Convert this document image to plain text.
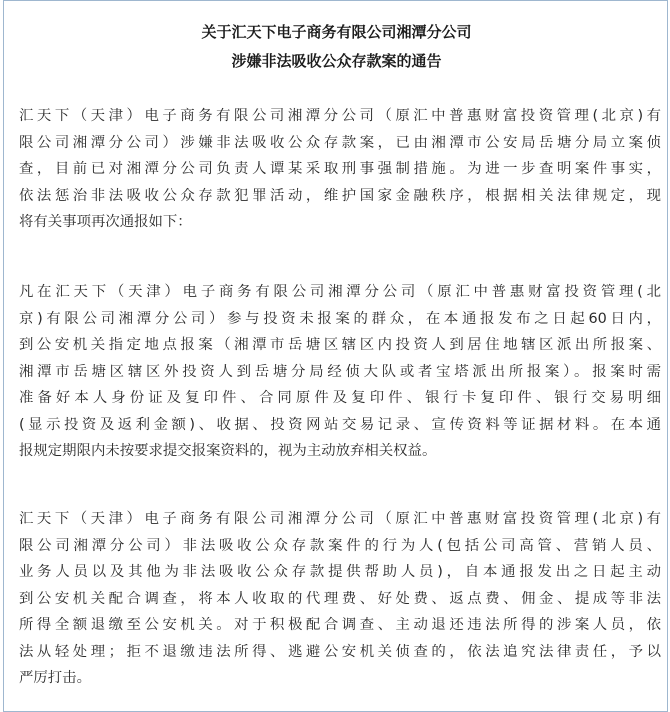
关于汇天下电子商务有限公司湘潭分公司
涉嫌非法吸收公众存款案的通告
汇天下（天津）电子商务有限公司湘潭分公司（原汇中普惠财富投资管理(北京)有
限公司湘潭分公司）涉嫌非法吸收公众存款案，已由湘潭市公安局岳塘分局立案侦
查，目前已对湘潭分公司负责人谭某采取刑事强制措施。为进一步查明案件事实，
依法惩治非法吸收公众存款犯罪活动，维护国家金融秩序，根据相关法律规定，现
将有关事项再次通报如下：
凡在汇天下（天津）电子商务有限公司湘潭分公司（原汇中普惠财富投资管理(北
京)有限公司湘潭分公司）参与投资未报案的群众，在本通报发布之日起60日内，
到公安机关指定地点报案（湘潭市岳塘区辖区内投资人到居住地辖区派出所报案、
湘潭市岳塘区辖区外投资人到岳塘分局经侦大队或者宝塔派出所报案）。报案时需
准备好本人身份证及复印件、合同原件及复印件、银行卡复印件、银行交易明细
(显示投资及返利金额)、收据、投资网站交易记录、宣传资料等证据材料。在本通
报规定期限内未按要求提交报案资料的，视为主动放弃相关权益。
汇天下（天津）电子商务有限公司湘潭分公司（原汇中普惠财富投资管理(北京)有
限公司湘潭分公司）非法吸收公众存款案件的行为人(包括公司高管、营销人员、
业务人员以及其他为非法吸收公众存款提供帮助人员)，自本通报发出之日起主动
到公安机关配合调查，将本人收取的代理费、好处费、返点费、佣金、提成等非法
所得全额退缴至公安机关。对于积极配合调查、主动退还违法所得的涉案人员，依
法从轻处理；拒不退缴违法所得、逃避公安机关侦查的，依法追究法律责任，予以
严厉打击。
